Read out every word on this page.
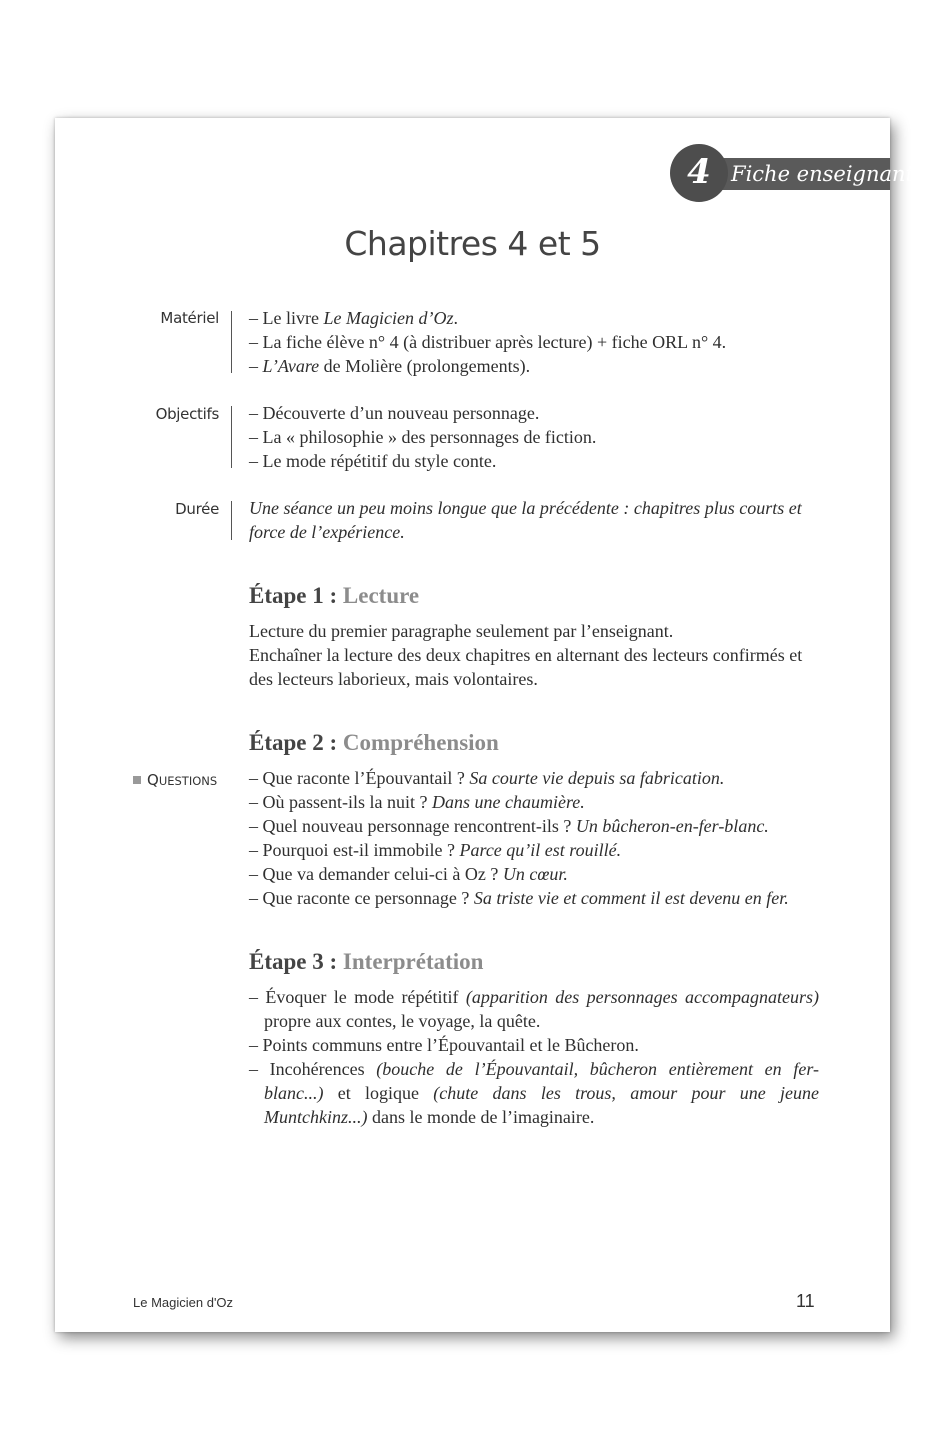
Fiche enseignant
4
Chapitres 4 et 5
Matériel – Le livre Le Magicien d’Oz.
– La fiche élève n° 4 (à distribuer après lecture) + fiche ORL n° 4.
– L’Avare de Molière (prolongements).
Objectifs – Découverte d’un nouveau personnage.
– La « philosophie » des personnages de fiction.
– Le mode répétitif du style conte.
Durée Une séance un peu moins longue que la précédente : chapitres plus courts et force de l’expérience.

Étape 1 : Lecture
Lecture du premier paragraphe seulement par l’enseignant.
Enchaîner la lecture des deux chapitres en alternant des lecteurs confirmés et des lecteurs laborieux, mais volontaires.
Étape 2 : Compréhension
QUESTIONS – Que raconte l’Épouvantail ? Sa courte vie depuis sa fabrication.
– Où passent-ils la nuit ? Dans une chaumière.
– Quel nouveau personnage rencontrent-ils ? Un bûcheron-en-fer-blanc.
– Pourquoi est-il immobile ? Parce qu’il est rouillé.
– Que va demander celui-ci à Oz ? Un cœur.
– Que raconte ce personnage ? Sa triste vie et comment il est devenu en fer.
Étape 3 : Interprétation
– Évoquer le mode répétitif (apparition des personnages accompagnateurs) propre aux contes, le voyage, la quête.
– Points communs entre l’Épouvantail et le Bûcheron.
– Incohérences (bouche de l’Épouvantail, bûcheron entièrement en fer-blanc...) et logique (chute dans les trous, amour pour une jeune Muntchkinz...) dans le monde de l’imaginaire.
Le Magicien d'Oz	11
